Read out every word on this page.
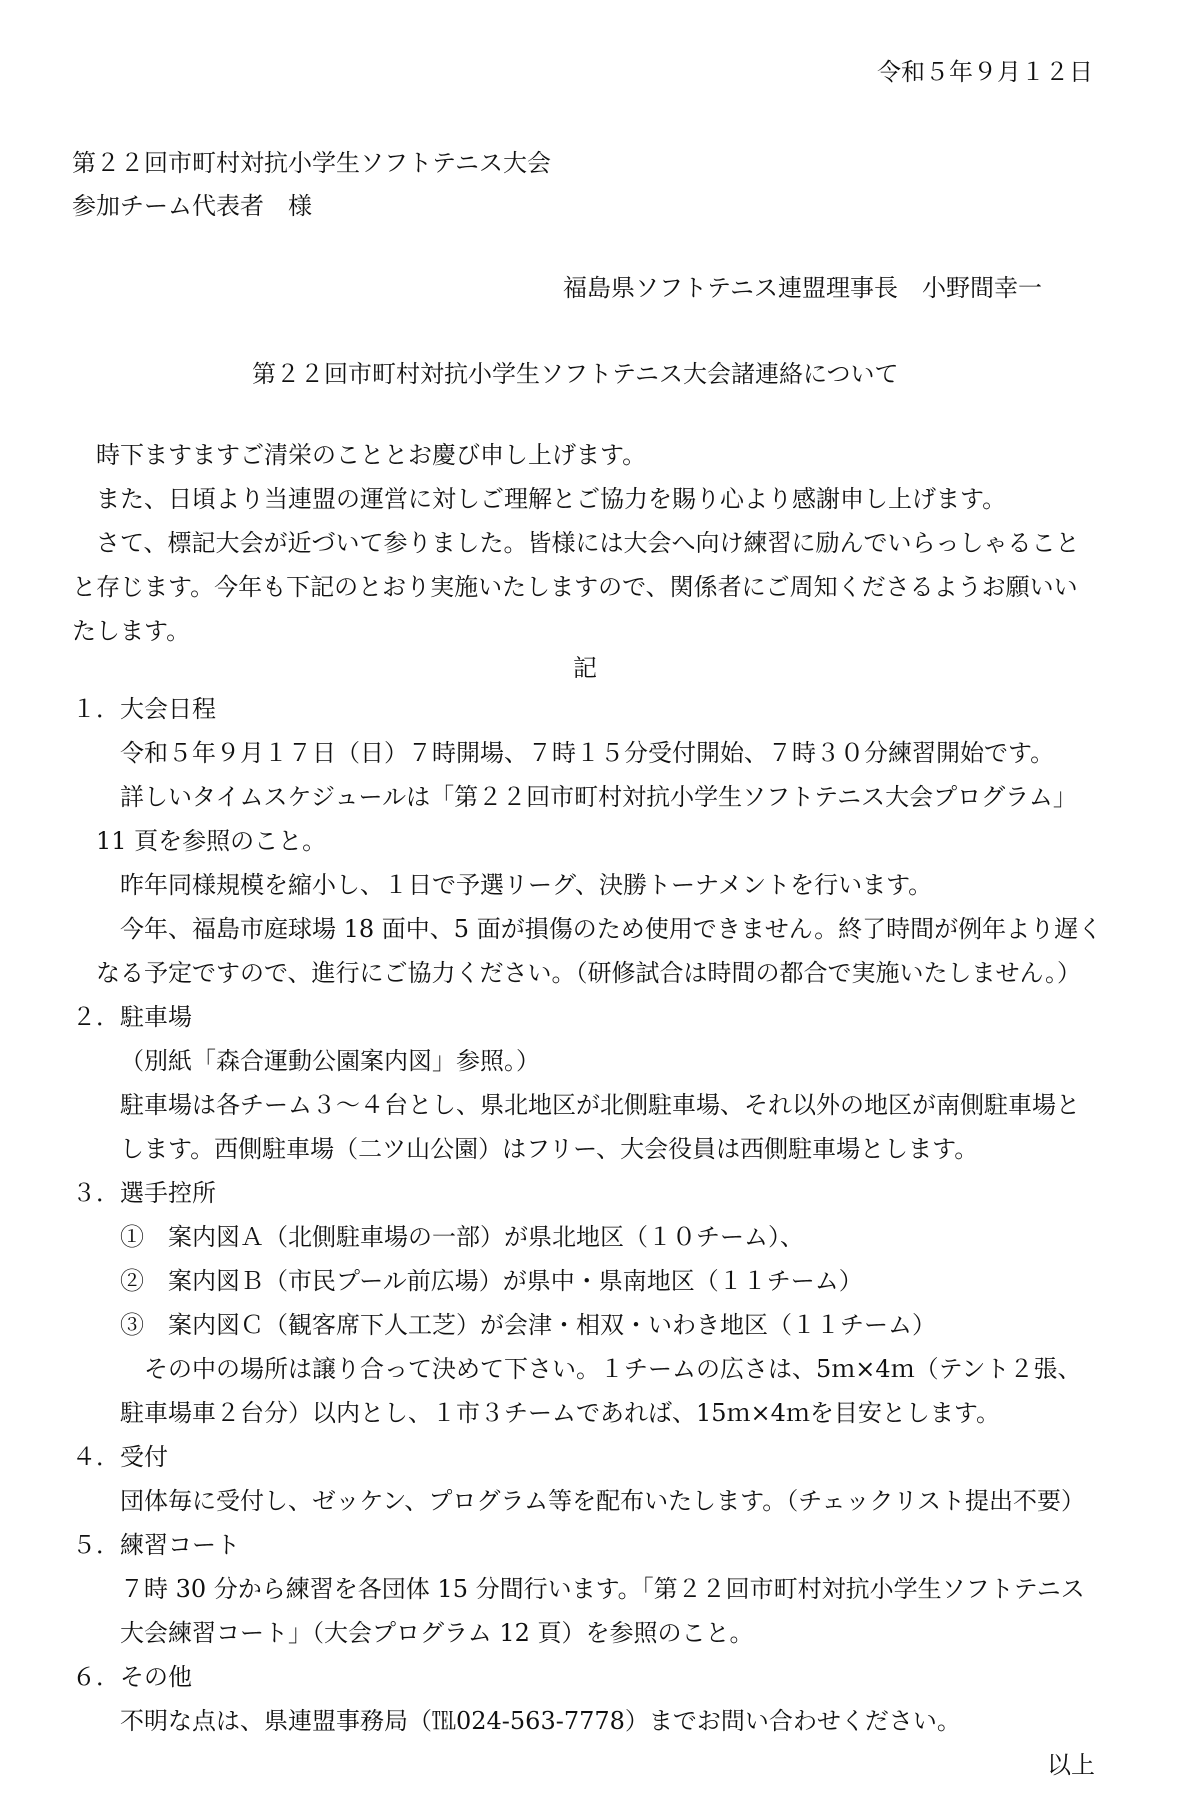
令和５年９月１２日
第２２回市町村対抗小学生ソフトテニス大会
参加チーム代表者　様
福島県ソフトテニス連盟理事長　小野間幸一
第２２回市町村対抗小学生ソフトテニス大会諸連絡について
時下ますますご清栄のこととお慶び申し上げます。
また、日頃より当連盟の運営に対しご理解とご協力を賜り心より感謝申し上げます。
さて、標記大会が近づいて参りました。皆様には大会へ向け練習に励んでいらっしゃること
と存じます。今年も下記のとおり実施いたしますので、関係者にご周知くださるようお願いい
たします。
記
１．大会日程
令和５年９月１７日（日）７時開場、７時１５分受付開始、７時３０分練習開始です。
詳しいタイムスケジュールは「第２２回市町村対抗小学生ソフトテニス大会プログラム」
11 頁を参照のこと。
昨年同様規模を縮小し、１日で予選リーグ、決勝トーナメントを行います。
今年、福島市庭球場 18 面中、5 面が損傷のため使用できません。終了時間が例年より遅く
なる予定ですので、進行にご協力ください。（研修試合は時間の都合で実施いたしません。）
２．駐車場
（別紙「森合運動公園案内図」参照。）
駐車場は各チーム３～４台とし、県北地区が北側駐車場、それ以外の地区が南側駐車場と
します。西側駐車場（二ツ山公園）はフリー、大会役員は西側駐車場とします。
３．選手控所
①　案内図Ａ（北側駐車場の一部）が県北地区（１０チーム）、
②　案内図Ｂ（市民プール前広場）が県中・県南地区（１１チーム）
③　案内図Ｃ（観客席下人工芝）が会津・相双・いわき地区（１１チーム）
その中の場所は譲り合って決めて下さい。１チームの広さは、5ｍ×4ｍ（テント２張、
駐車場車２台分）以内とし、１市３チームであれば、15ｍ×4ｍを目安とします。
４．受付
団体毎に受付し、ゼッケン、プログラム等を配布いたします。（チェックリスト提出不要）
５．練習コート
７時 30 分から練習を各団体 15 分間行います。「第２２回市町村対抗小学生ソフトテニス
大会練習コート」（大会プログラム 12 頁）を参照のこと。
６．その他
不明な点は、県連盟事務局（℡024-563-7778）までお問い合わせください。
以上
